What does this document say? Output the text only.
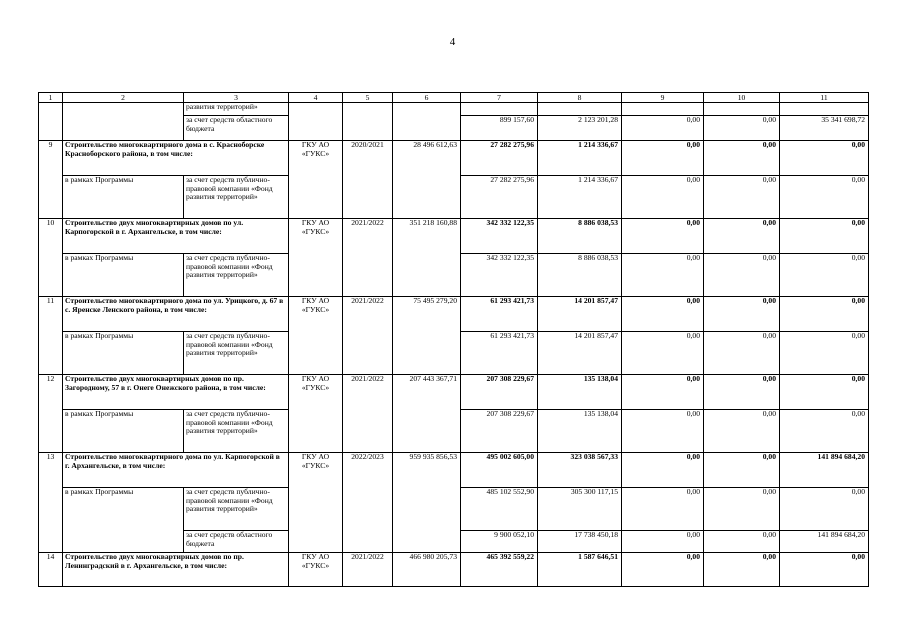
4
1	2	3	4	5	6	7	8	9	10	11
		развития территорий»								
		за счет средств областного бюджета				899 157,60	2 123 201,28	0,00	0,00	35 341 698,72
9	Строительство многоквартирного дома в с. Красноборске Красноборского района, в том числе:		ГКУ АО «ГУКС»	2020/2021	28 496 612,63	27 282 275,96	1 214 336,67	0,00	0,00	0,00
	в рамках Программы	за счет средств публично-правовой компании «Фонд развития территорий»				27 282 275,96	1 214 336,67	0,00	0,00	0,00
10	Строительство двух многоквартирных домов по ул. Карпогорской в г. Архангельске, в том числе:		ГКУ АО «ГУКС»	2021/2022	351 218 160,88	342 332 122,35	8 886 038,53	0,00	0,00	0,00
	в рамках Программы	за счет средств публично-правовой компании «Фонд развития территорий»				342 332 122,35	8 886 038,53	0,00	0,00	0,00
11	Строительство многоквартирного дома по ул. Урицкого, д. 67 в с. Яренске Ленского района, в том числе:		ГКУ АО «ГУКС»	2021/2022	75 495 279,20	61 293 421,73	14 201 857,47	0,00	0,00	0,00
	в рамках Программы	за счет средств публично-правовой компании «Фонд развития территорий»				61 293 421,73	14 201 857,47	0,00	0,00	0,00
12	Строительство двух многоквартирных домов по пр. Загородному, 57 в г. Онеге Онежского района, в том числе:		ГКУ АО «ГУКС»	2021/2022	207 443 367,71	207 308 229,67	135 138,04	0,00	0,00	0,00
	в рамках Программы	за счет средств публично-правовой компании «Фонд развития территорий»				207 308 229,67	135 138,04	0,00	0,00	0,00
13	Строительство многоквартирного дома по ул. Карпогорской в г. Архангельске, в том числе:		ГКУ АО «ГУКС»	2022/2023	959 935 856,53	495 002 605,00	323 038 567,33	0,00	0,00	141 894 684,20
	в рамках Программы	за счет средств публично-правовой компании «Фонд развития территорий»				485 102 552,90	305 300 117,15	0,00	0,00	0,00
		за счет средств областного бюджета				9 900 052,10	17 738 450,18	0,00	0,00	141 894 684,20
14	Строительство двух многоквартирных домов по пр. Ленинградский в г. Архангельске, в том числе:		ГКУ АО «ГУКС»	2021/2022	466 980 205,73	465 392 559,22	1 587 646,51	0,00	0,00	0,00
